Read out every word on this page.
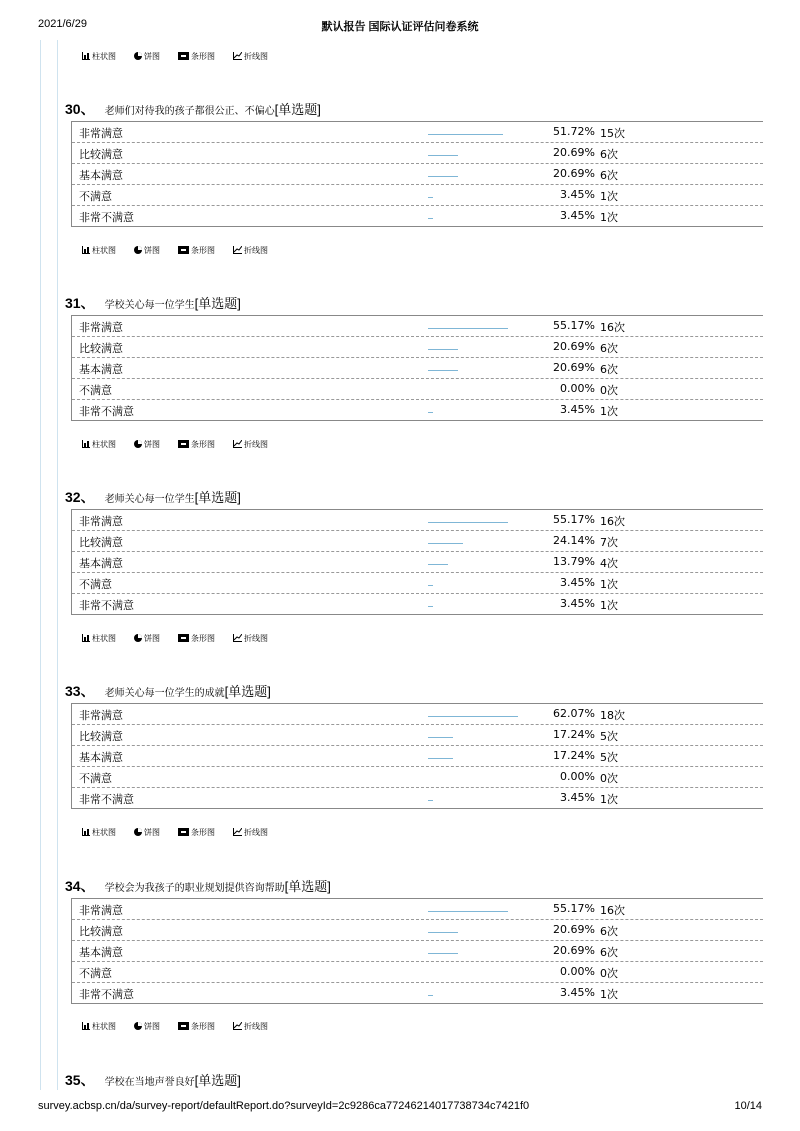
2021/6/29	默认报告 国际认证评估问卷系统
柱状图	饼图	条形图	折线图
柱状图	饼图	条形图	折线图
柱状图	饼图	条形图	折线图
柱状图	饼图	条形图	折线图
柱状图	饼图	条形图	折线图
柱状图	饼图	条形图	折线图
30、 老师们对待我的孩子都很公正、不偏心 [单选题]
非常满意	51.72% 15次
比较满意	20.69% 6次
基本满意	20.69% 6次
不满意	3.45% 1次
非常不满意	3.45% 1次
31、 学校关心每一位学生 [单选题]
非常满意	55.17% 16次
比较满意	20.69% 6次
基本满意	20.69% 6次
不满意	0.00% 0次
非常不满意	3.45% 1次
32、 老师关心每一位学生 [单选题]
非常满意	55.17% 16次
比较满意	24.14% 7次
基本满意	13.79% 4次
不满意	3.45% 1次
非常不满意	3.45% 1次
33、 老师关心每一位学生的成就 [单选题]
非常满意	62.07% 18次
比较满意	17.24% 5次
基本满意	17.24% 5次
不满意	0.00% 0次
非常不满意	3.45% 1次
34、 学校会为我孩子的职业规划提供咨询帮助 [单选题]
非常满意	55.17% 16次
比较满意	20.69% 6次
基本满意	20.69% 6次
不满意	0.00% 0次
非常不满意	3.45% 1次
35、 学校在当地声誉良好 [单选题]
survey.acbsp.cn/da/survey-report/defaultReport.do?surveyId=2c9286ca77246214017738734c7421f0	10/14
